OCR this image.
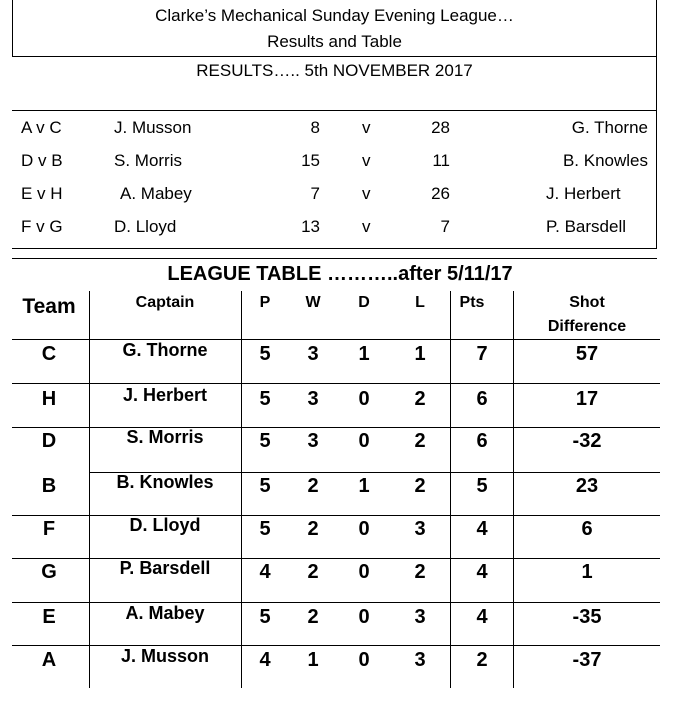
Clarke’s Mechanical Sunday Evening League…
Results and Table
RESULTS….. 5th NOVEMBER 2017
A v C	J. Musson	8 v	28	G. Thorne
D v B	S. Morris	15 v	11	B. Knowles
E v H	A. Mabey	7 v	26	J. Herbert
F v G	D. Lloyd	13 v	7	P. Barsdell
LEAGUE TABLE ………..after 5/11/17
Team	Captain	P	W	D	L	Pts	Shot
Difference
C	G. Thorne	5	3	1	1	7	57
H	J. Herbert	5	3	0	2	6	17
D	S. Morris	5	3	0	2	6	-32
B	B. Knowles	5	2	1	2	5	23
F	D. Lloyd	5	2	0	3	4	6
G	P. Barsdell	4	2	0	2	4	1
E	A. Mabey	5	2	0	3	4	-35
A	J. Musson	4	1	0	3	2	-37
